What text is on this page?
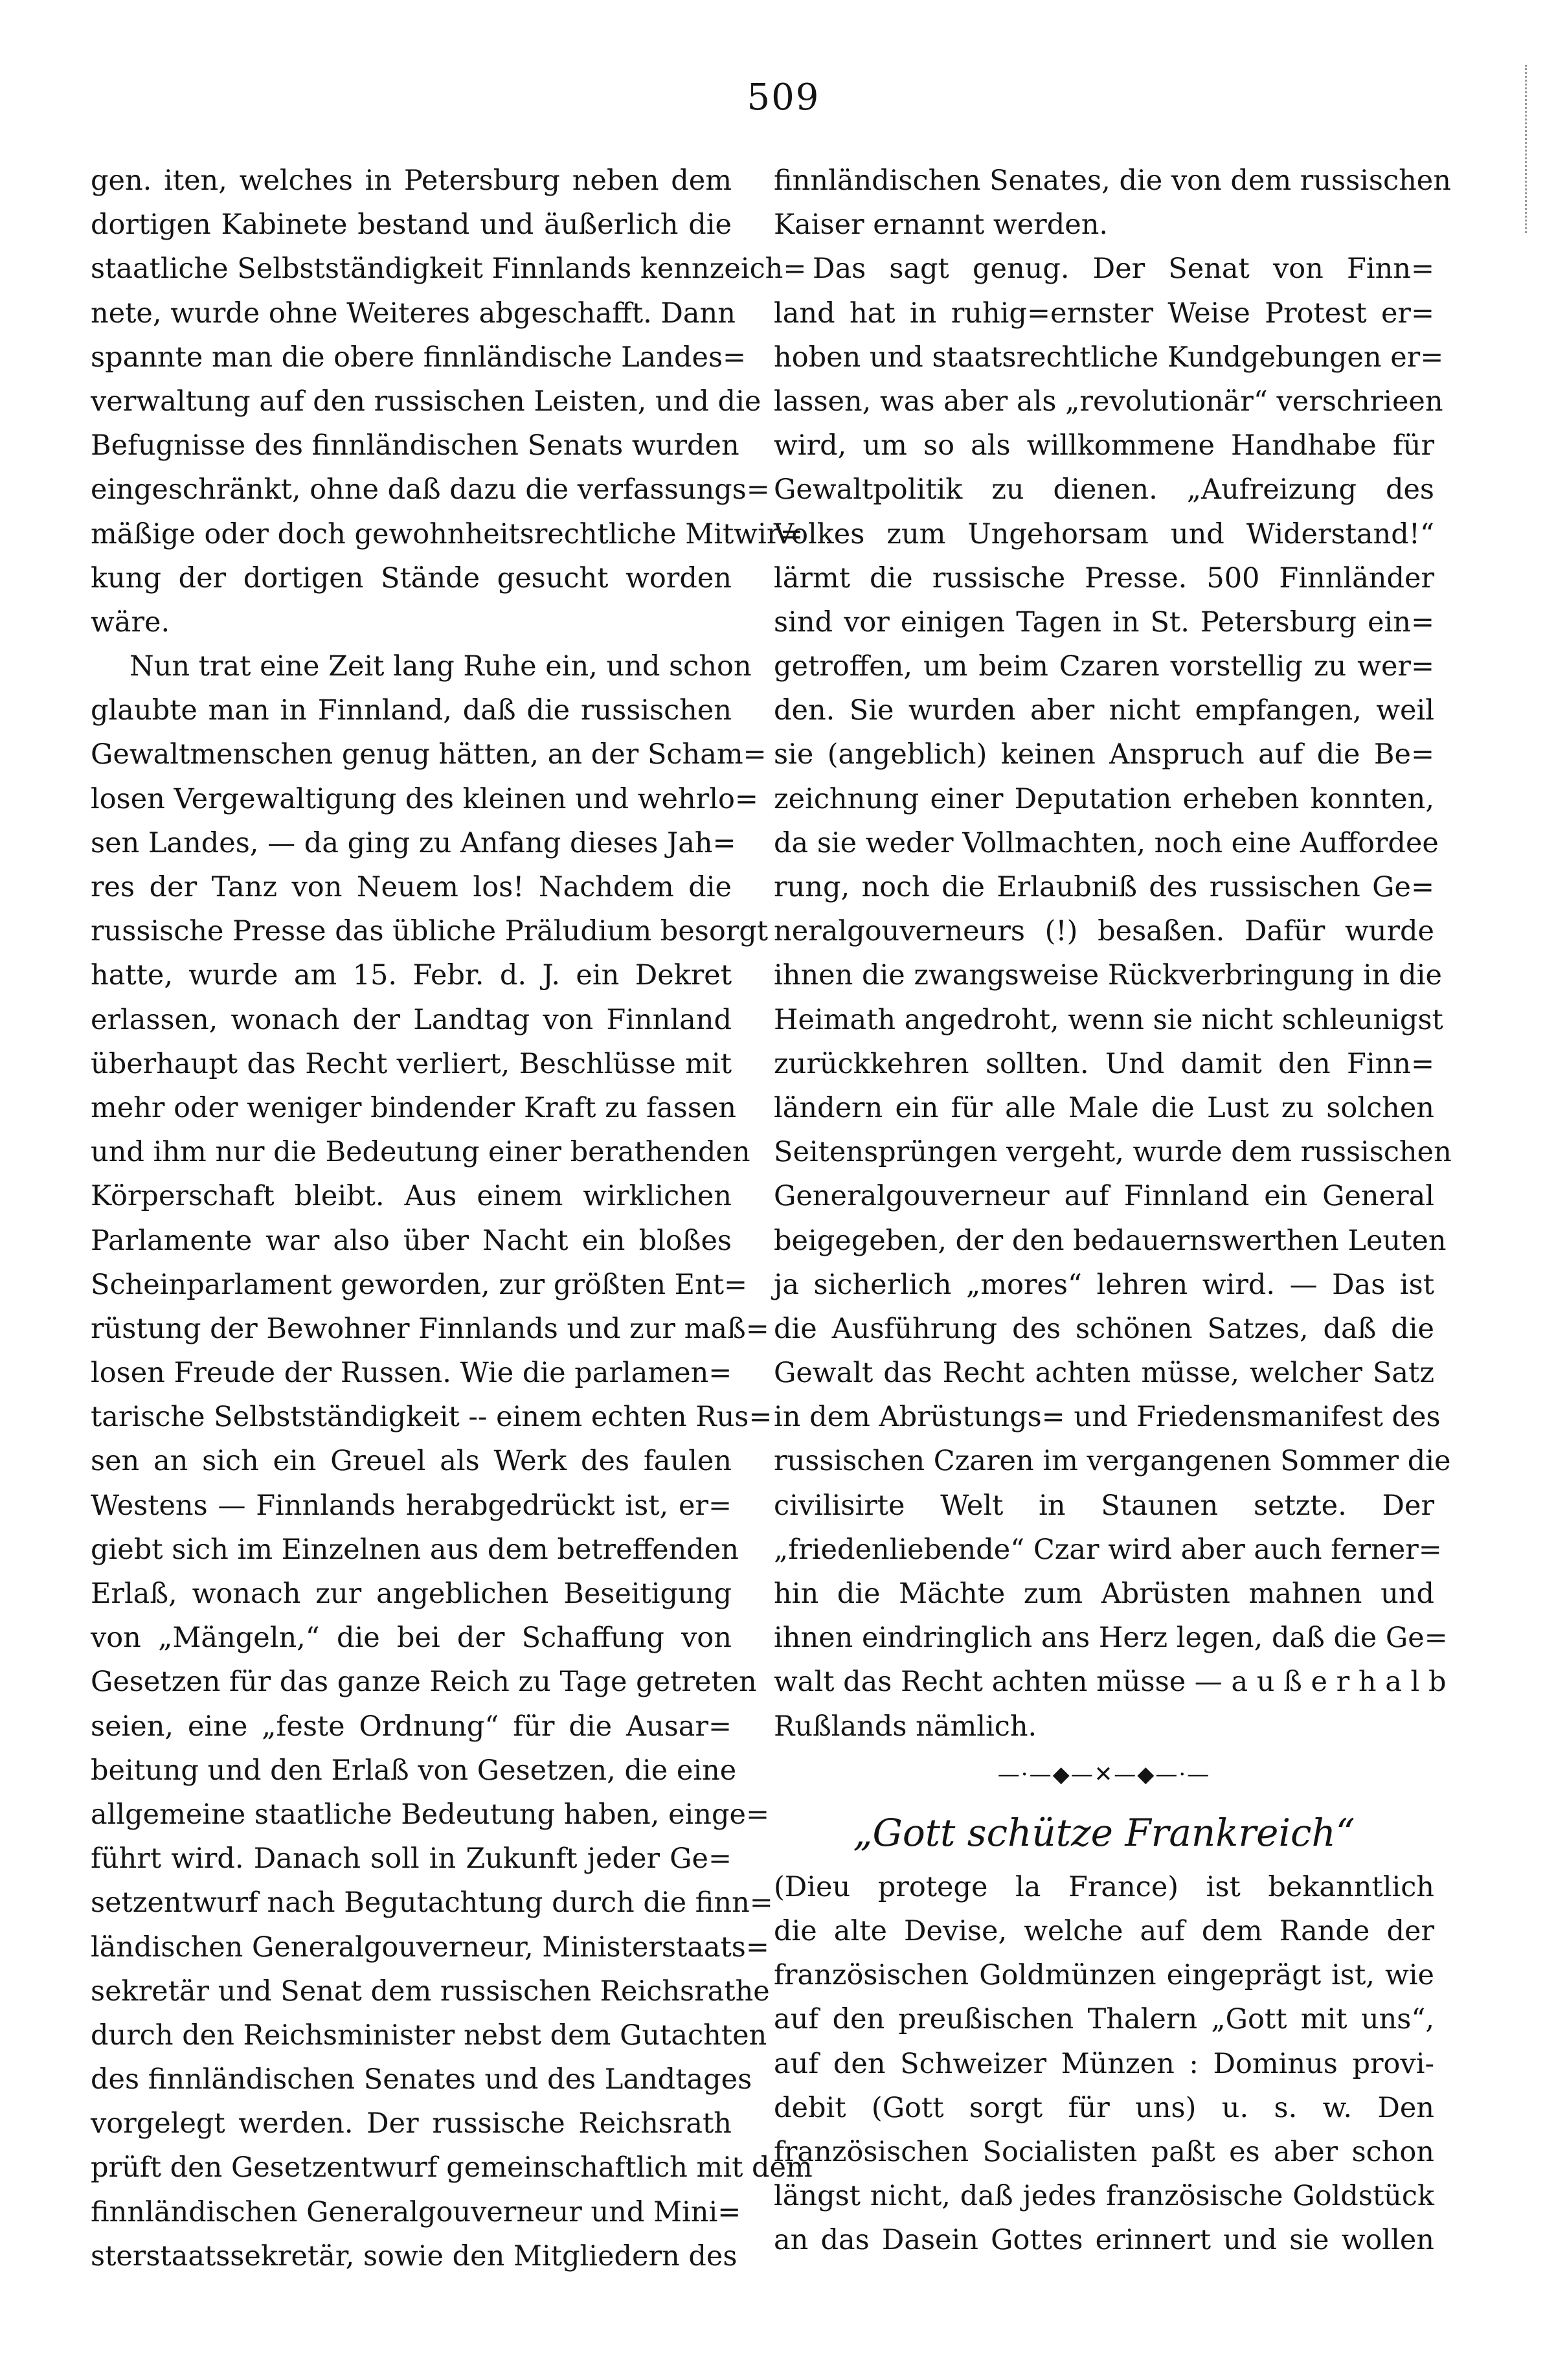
509
gen. iten, welches in Petersburg neben dem
dortigen Kabinete bestand und äußerlich die
staatliche Selbstständigkeit Finnlands kennzeich=
nete, wurde ohne Weiteres abgeschafft. Dann
spannte man die obere finnländische Landes=
verwaltung auf den russischen Leisten, und die
Befugnisse des finnländischen Senats wurden
eingeschränkt, ohne daß dazu die verfassungs=
mäßige oder doch gewohnheitsrechtliche Mitwir=
kung der dortigen Stände gesucht worden
wäre.
Nun trat eine Zeit lang Ruhe ein, und schon
glaubte man in Finnland, daß die russischen
Gewaltmenschen genug hätten, an der Scham=
losen Vergewaltigung des kleinen und wehrlo=
sen Landes, — da ging zu Anfang dieses Jah=
res der Tanz von Neuem los! Nachdem die
russische Presse das übliche Präludium besorgt
hatte, wurde am 15. Febr. d. J. ein Dekret
erlassen, wonach der Landtag von Finnland
überhaupt das Recht verliert, Beschlüsse mit
mehr oder weniger bindender Kraft zu fassen
und ihm nur die Bedeutung einer berathenden
Körperschaft bleibt. Aus einem wirklichen
Parlamente war also über Nacht ein bloßes
Scheinparlament geworden, zur größten Ent=
rüstung der Bewohner Finnlands und zur maß=
losen Freude der Russen. Wie die parlamen=
tarische Selbstständigkeit -- einem echten Rus=
sen an sich ein Greuel als Werk des faulen
Westens — Finnlands herabgedrückt ist, er=
giebt sich im Einzelnen aus dem betreffenden
Erlaß, wonach zur angeblichen Beseitigung
von „Mängeln,“ die bei der Schaffung von
Gesetzen für das ganze Reich zu Tage getreten
seien, eine „feste Ordnung“ für die Ausar=
beitung und den Erlaß von Gesetzen, die eine
allgemeine staatliche Bedeutung haben, einge=
führt wird. Danach soll in Zukunft jeder Ge=
setzentwurf nach Begutachtung durch die finn=
ländischen Generalgouverneur, Ministerstaats=
sekretär und Senat dem russischen Reichsrathe
durch den Reichsminister nebst dem Gutachten
des finnländischen Senates und des Landtages
vorgelegt werden. Der russische Reichsrath
prüft den Gesetzentwurf gemeinschaftlich mit dem
finnländischen Generalgouverneur und Mini=
sterstaatssekretär, sowie den Mitgliedern des
finnländischen Senates, die von dem russischen
Kaiser ernannt werden.
Das sagt genug. Der Senat von Finn=
land hat in ruhig=ernster Weise Protest er=
hoben und staatsrechtliche Kundgebungen er=
lassen, was aber als „revolutionär“ verschrieen
wird, um so als willkommene Handhabe für
Gewaltpolitik zu dienen. „Aufreizung des
Volkes zum Ungehorsam und Widerstand!“
lärmt die russische Presse. 500 Finnländer
sind vor einigen Tagen in St. Petersburg ein=
getroffen, um beim Czaren vorstellig zu wer=
den. Sie wurden aber nicht empfangen, weil
sie (angeblich) keinen Anspruch auf die Be=
zeichnung einer Deputation erheben konnten,
da sie weder Vollmachten, noch eine Auffordee
rung, noch die Erlaubniß des russischen Ge=
neralgouverneurs (!) besaßen. Dafür wurde
ihnen die zwangsweise Rückverbringung in die
Heimath angedroht, wenn sie nicht schleunigst
zurückkehren sollten. Und damit den Finn=
ländern ein für alle Male die Lust zu solchen
Seitensprüngen vergeht, wurde dem russischen
Generalgouverneur auf Finnland ein General
beigegeben, der den bedauernswerthen Leuten
ja sicherlich „mores“ lehren wird. — Das ist
die Ausführung des schönen Satzes, daß die
Gewalt das Recht achten müsse, welcher Satz
in dem Abrüstungs= und Friedensmanifest des
russischen Czaren im vergangenen Sommer die
civilisirte Welt in Staunen setzte. Der
„friedenliebende“ Czar wird aber auch ferner=
hin die Mächte zum Abrüsten mahnen und
ihnen eindringlich ans Herz legen, daß die Ge=
walt das Recht achten müsse — a u ß e r h a l b
Rußlands nämlich.
—·—◆—✕—◆—·—
„Gott schütze Frankreich“
(Dieu protege la France) ist bekanntlich
die alte Devise, welche auf dem Rande der
französischen Goldmünzen eingeprägt ist, wie
auf den preußischen Thalern „Gott mit uns“,
auf den Schweizer Münzen : Dominus provi-
debit (Gott sorgt für uns) u. s. w. Den
französischen Socialisten paßt es aber schon
längst nicht, daß jedes französische Goldstück
an das Dasein Gottes erinnert und sie wollen
